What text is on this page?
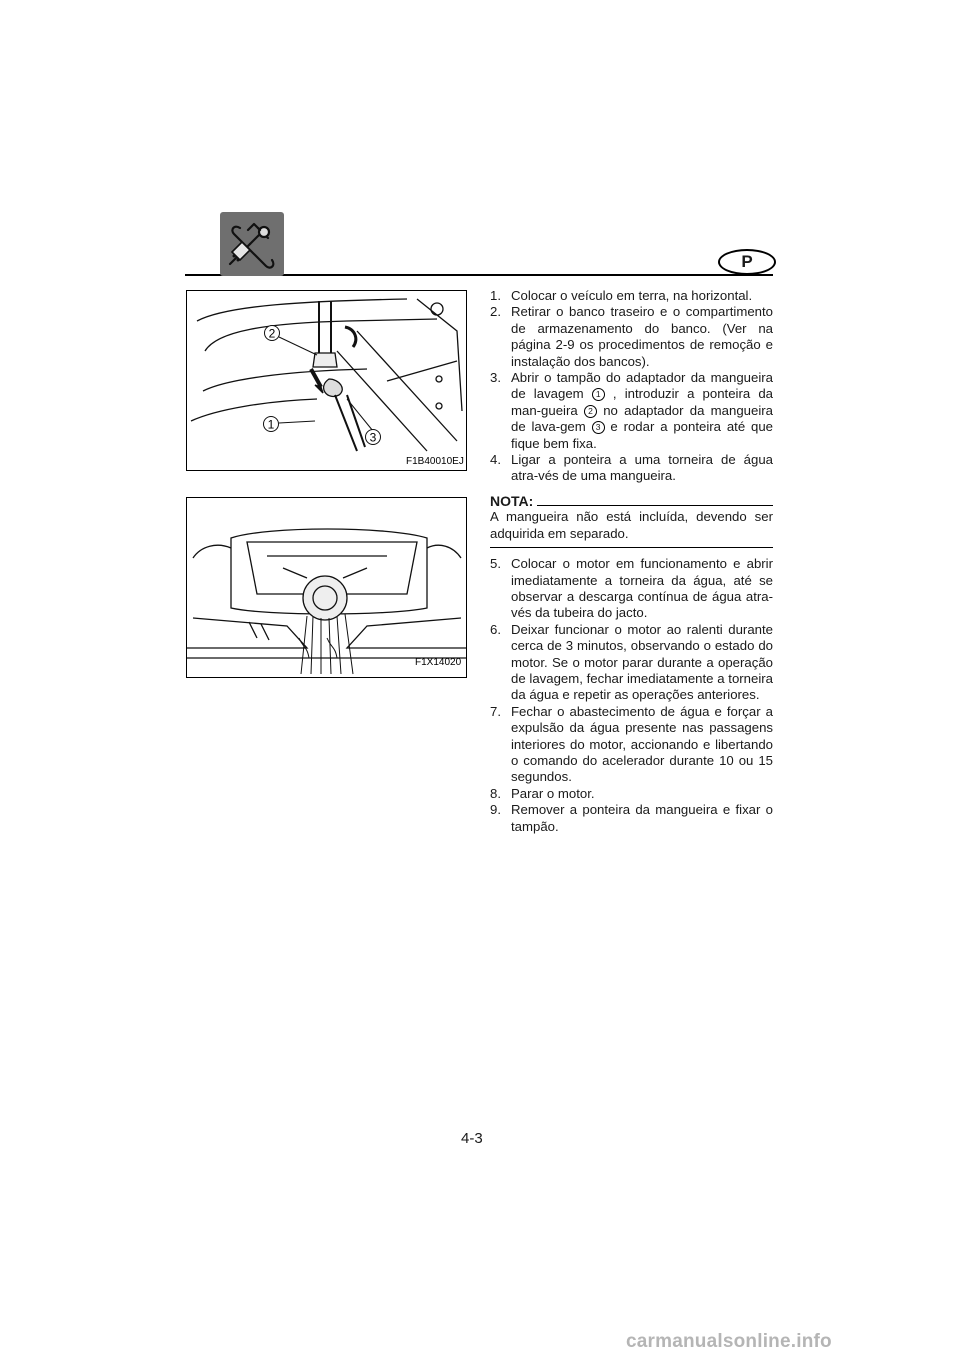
P
2
1
3
F1B40010EJ
F1X14020
1. Colocar o veículo em terra, na horizontal.
2. Retirar o banco traseiro e o compartimento de armazenamento do banco. (Ver na página 2-9 os procedimentos de remoção e instalação dos bancos).
3. Abrir o tampão do adaptador da mangueira de lavagem 1 , introduzir a ponteira da man-gueira 2 no adaptador da mangueira de lava-gem 3 e rodar a ponteira até que fique bem fixa.
4. Ligar a ponteira a uma torneira de água atra-vés de uma mangueira.
NOTA:
A mangueira não está incluída, devendo ser adquirida em separado.
5. Colocar o motor em funcionamento e abrir imediatamente a torneira da água, até se observar a descarga contínua de água atra-vés da tubeira do jacto.
6. Deixar funcionar o motor ao ralenti durante cerca de 3 minutos, observando o estado do motor. Se o motor parar durante a operação de lavagem, fechar imediatamente a torneira da água e repetir as operações anteriores.
7. Fechar o abastecimento de água e forçar a expulsão da água presente nas passagens interiores do motor, accionando e libertando o comando do acelerador durante 10 ou 15 segundos.
8. Parar o motor.
9. Remover a ponteira da mangueira e fixar o tampão.
4-3
carmanualsonline.info
